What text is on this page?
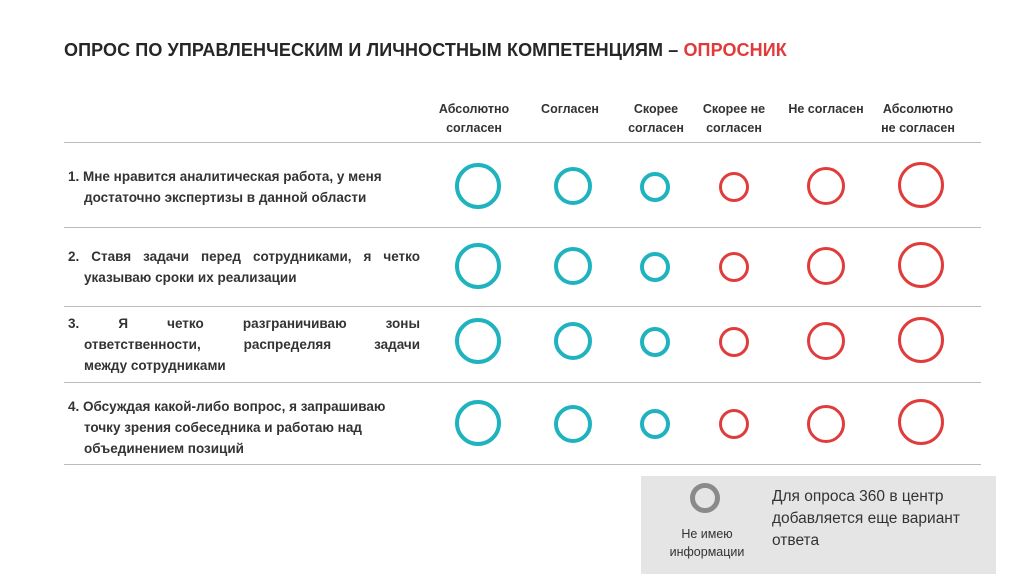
ОПРОС ПО УПРАВЛЕНЧЕСКИМ И ЛИЧНОСТНЫМ КОМПЕТЕНЦИЯМ – ОПРОСНИК
Абсолютно
согласен
Согласен	Скорее
согласен
Скорее не
согласен
Не согласен Абсолютно
не согласен
1. Мне нравится аналитическая работа, у меня
достаточно экспертизы в данной области
2. Ставя задачи перед сотрудниками, я четко
указываю сроки их реализации
3. Я четко разграничиваю зоны
ответственности, распределяя задачи
между сотрудниками
4. Обсуждая какой-либо вопрос, я запрашиваю
точку зрения собеседника и работаю над
объединением позиций
Не имею
информации
Для опроса 360 в центр
добавляется еще вариант
ответа
